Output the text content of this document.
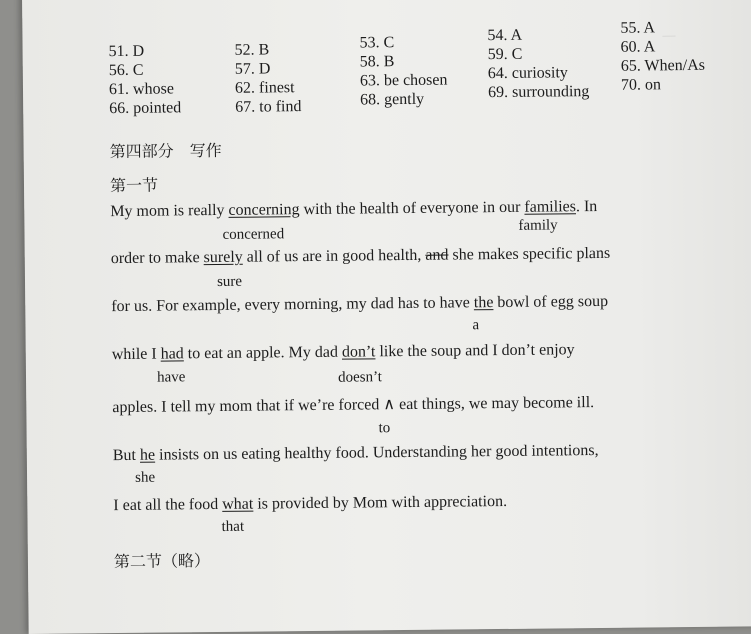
—
51. D	52. B	53. C	54. A	55. A
56. C	57. D	58. B	59. C	60. A
61. whose	62. finest	63. be chosen	64. curiosity	65. When/As
66. pointed	67. to find	68. gently	69. surrounding 70. on
第四部分　写作
第一节
My mom is really concerning with the health of everyone in our families. In
concerned
family
order to make surely all of us are in good health, and she makes specific plans
sure
for us. For example, every morning, my dad has to have the bowl of egg soup
a
while I had to eat an apple. My dad don’t like the soup and I don’t enjoy
have	doesn’t
apples. I tell my mom that if we’re forced ∧ eat things, we may become ill.
to
But he insists on us eating healthy food. Understanding her good intentions,
she
I eat all the food what is provided by Mom with appreciation.
that
第二节（略）
